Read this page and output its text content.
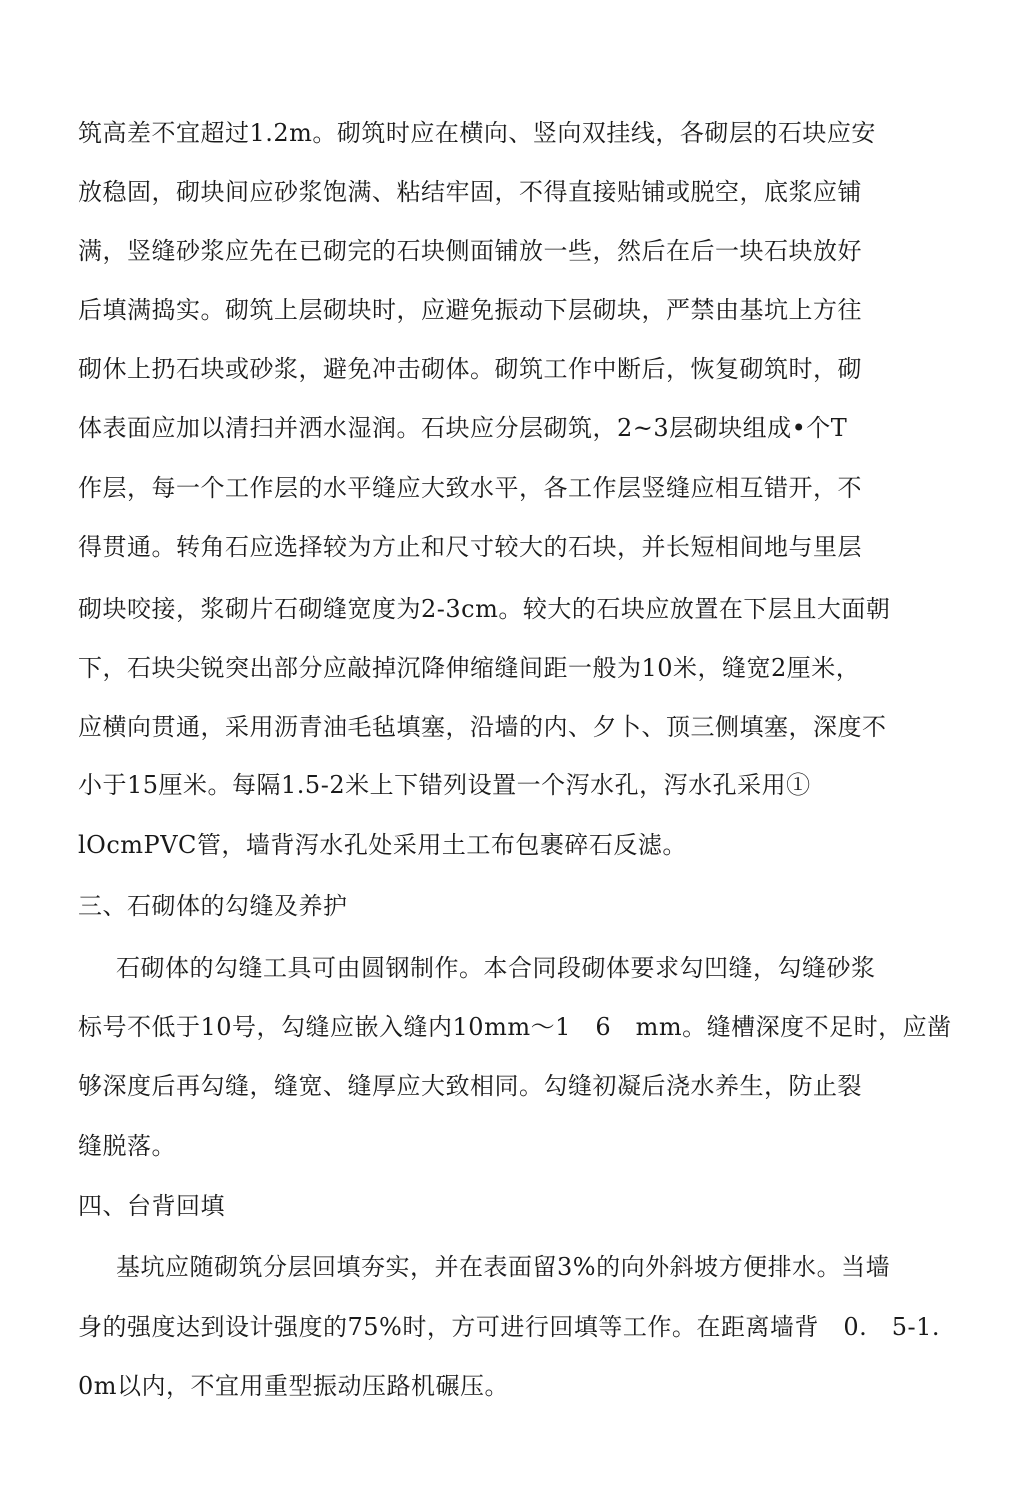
筑高差不宜超过1.2m。砌筑时应在横向、竖向双挂线，各砌层的石块应安
放稳固，砌块间应砂浆饱满、粘结牢固，不得直接贴铺或脱空，底浆应铺
满，竖缝砂浆应先在已砌完的石块侧面铺放一些，然后在后一块石块放好
后填满捣实。砌筑上层砌块时，应避免振动下层砌块，严禁由基坑上方往
砌休上扔石块或砂浆，避免冲击砌体。砌筑工作中断后，恢复砌筑时，砌
体表面应加以清扫并洒水湿润。石块应分层砌筑，2~3层砌块组成•个T
作层，每一个工作层的水平缝应大致水平，各工作层竖缝应相互错开，不
得贯通。转角石应选择较为方止和尺寸较大的石块，并长短相间地与里层
砌块咬接，浆砌片石砌缝宽度为2-3cm。较大的石块应放置在下层且大面朝
下，石块尖锐突出部分应敲掉沉降伸缩缝间距一般为10米，缝宽2厘米，
应横向贯通，采用沥青油毛毡填塞，沿墙的内、夕卜、顶三侧填塞，深度不
小于15厘米。每隔1.5-2米上下错列设置一个泻水孔，泻水孔采用①
lOcmPVC管，墙背泻水孔处采用土工布包裹碎石反滤。
三、石砌体的勾缝及养护
石砌体的勾缝工具可由圆钢制作。本合同段砌体要求勾凹缝，勾缝砂浆
标号不低于10号，勾缝应嵌入缝内10mm〜1　6　mm。缝槽深度不足时，应凿
够深度后再勾缝，缝宽、缝厚应大致相同。勾缝初凝后浇水养生，防止裂
缝脱落。
四、台背回填
基坑应随砌筑分层回填夯实，并在表面留3%的向外斜坡方便排水。当墙
身的强度达到设计强度的75%时，方可进行回填等工作。在距离墙背　0.　5-1.
0m以内，不宜用重型振动压路机碾压。
